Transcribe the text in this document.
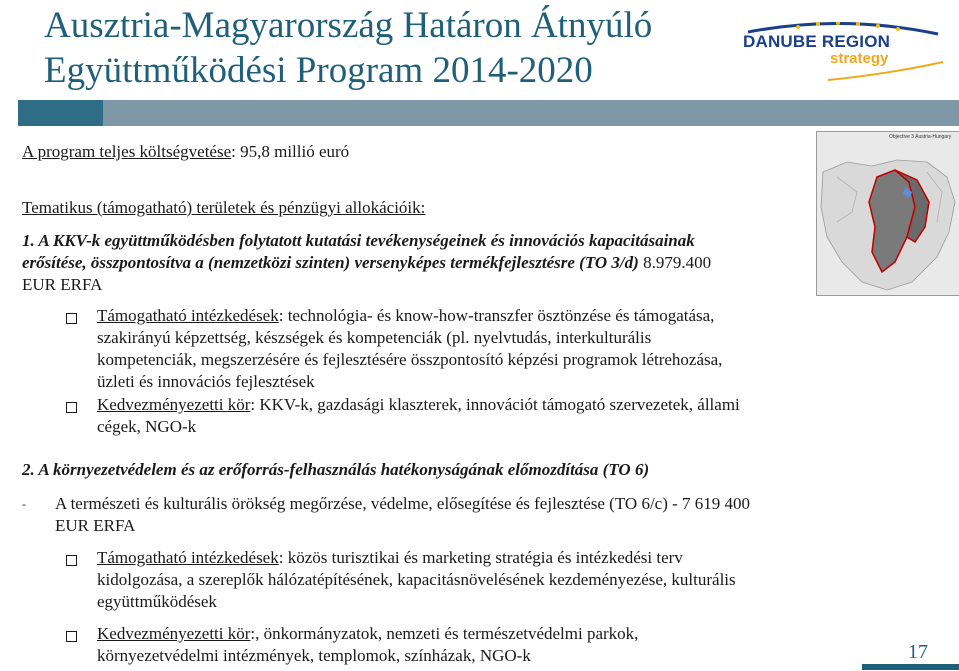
Ausztria-Magyarország Határon Átnyúló
Együttműködési Program 2014-2020
DANUBE REGION
strategy
Objective 3 Austria-Hungary
A program teljes költségvetése: 95,8 millió euró
Tematikus (támogatható) területek és pénzügyi allokációik:
1. A KKV-k együttműködésben folytatott kutatási tevékenységeinek és innovációs kapacitásainak
erősítése, összpontosítva a (nemzetközi szinten) versenyképes termékfejlesztésre (TO 3/d) 8.979.400
EUR ERFA
Támogatható intézkedések: technológia- és know-how-transzfer ösztönzése és támogatása,
szakirányú képzettség, készségek és kompetenciák (pl. nyelvtudás, interkulturális
kompetenciák, megszerzésére és fejlesztésére összpontosító képzési programok létrehozása,
üzleti és innovációs fejlesztések
Kedvezményezetti kör: KKV-k, gazdasági klaszterek, innovációt támogató szervezetek, állami
cégek, NGO-k
2. A környezetvédelem és az erőforrás-felhasználás hatékonyságának előmozdítása (TO 6)
-	A természeti és kulturális örökség megőrzése, védelme, elősegítése és fejlesztése (TO 6/c) - 7 619 400
EUR ERFA
Támogatható intézkedések: közös turisztikai és marketing stratégia és intézkedési terv
kidolgozása, a szereplők hálózatépítésének, kapacitásnövelésének kezdeményezése, kulturális
együttműködések
Kedvezményezetti kör:, önkormányzatok, nemzeti és természetvédelmi parkok,
környezetvédelmi intézmények, templomok, színházak, NGO-k	17
